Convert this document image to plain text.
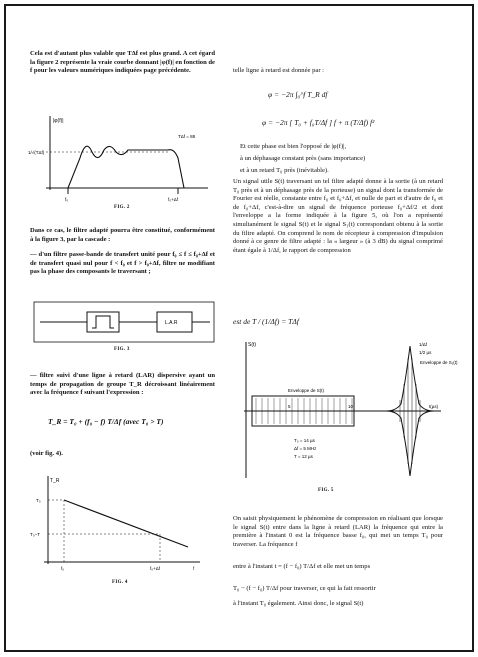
Cela est d'autant plus valable que TΔf est plus grand. A cet égard la figure 2 représente la vraie courbe donnant |φ(f)| en fonction de f pour les valeurs numériques indiquées page précédente.

|φ(f)|
1/√(TΔf)
TΔf = 88
f₀	f₀+Δf
FIG. 2

Dans ce cas, le filtre adapté pourra être constitué, conformément à la figure 3, par la cascade :

— d'un filtre passe-bande de transfert unité pour f₀ ≤ f ≤ f₀+Δf et de transfert quasi nul pour f < f₀ et f > f₀+Δf, filtre ne modifiant pas la phase des composants le traversant ;

L.A.R
FIG. 3

— filtre suivi d'une ligne à retard (LAR) dispersive ayant un temps de propagation de groupe T_R décroissant linéairement avec la fréquence f suivant l'expression :

T_R = T₀ + (f₀ − f) T/Δf (avec T₀ > T)

(voir fig. 4).

T_R
T₀
T₀−T
f₀	f₀+Δf	f
FIG. 4

telle ligne à retard est donnée par :

φ = −2π ∫₀^f T_R df
φ = −2π [ T₀ + f₀T/Δf ] f + π (T/Δf) f²

Et cette phase est bien l'opposé de |φ(f)|,

à un déphasage constant près (sans importance)

et à un retard T₀ près (inévitable).

Un signal utile S(t) traversant un tel filtre adapté donne à la sortie (à un retard T₀ près et à un déphasage près de la porteuse) un signal dont la transformée de Fourier est réelle, constante entre f₀ et f₀+Δf, et nulle de part et d'autre de f₀ et de f₀+Δf, c'est-à-dire un signal de fréquence porteuse f₀+Δf/2 et dont l'enveloppe a la forme indiquée à la figure 5, où l'on a représenté simultanément le signal S(t) et le signal S₁(t) correspondant obtenu à la sortie du filtre adapté. On comprend le nom de récepteur à compression d'impulsion donné à ce genre de filtre adapté : la « largeur » (à 3 dB) du signal comprimé étant égale à 1/Δf, le rapport de compression

est de T / (1/Δf) = TΔf
S(t)
Enveloppe de S(t)
1/Δf
1/2 µs
Enveloppe de S₁(t)
t(µs)
5	10
T₀ = 14 µs
Δf = 5 MHz
T = 12 µs
FIG. 5

On saisit physiquement le phénomène de compression en réalisant que lorsque le signal S(t) entre dans la ligne à retard (LAR) la fréquence qui entre la première à l'instant 0 est la fréquence basse f₀, qui met un temps T₀ pour traverser. La fréquence f

entre à l'instant t = (f − f₀) T/Δf et elle met un temps

T₀ − (f − f₀) T/Δf pour traverser, ce qui la fait ressortir

à l'instant T₀ également. Ainsi donc, le signal S(t)
